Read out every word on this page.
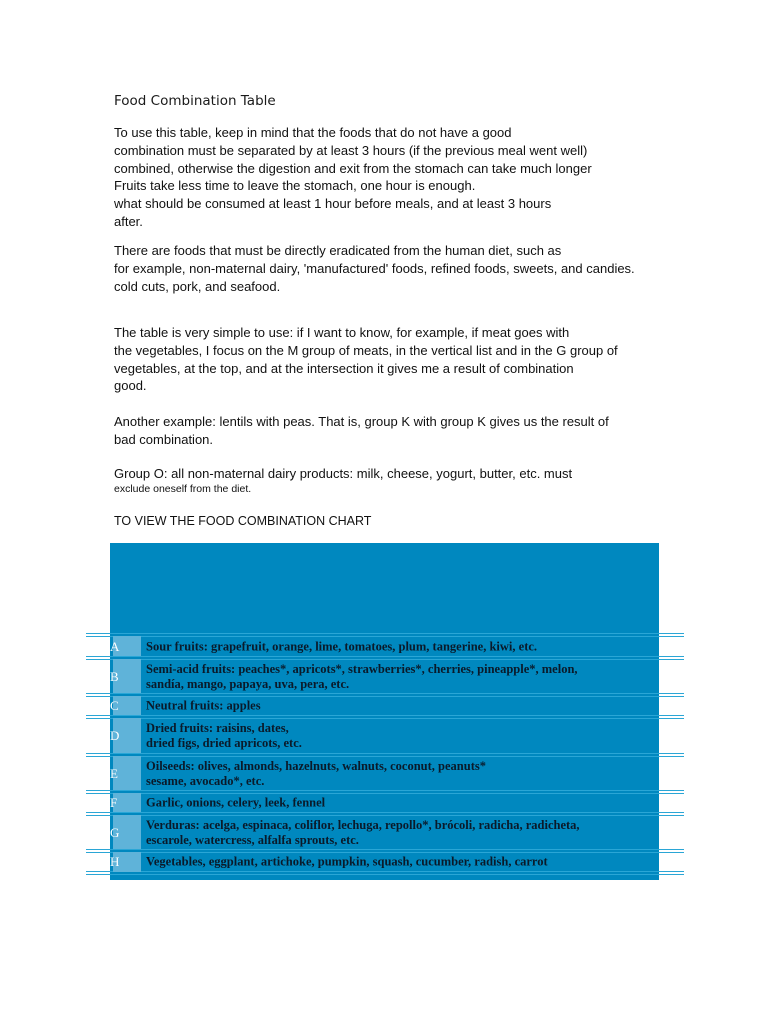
Food Combination Table

To use this table, keep in mind that the foods that do not have a good
combination must be separated by at least 3 hours (if the previous meal went well)
combined, otherwise the digestion and exit from the stomach can take much longer
Fruits take less time to leave the stomach, one hour is enough.
what should be consumed at least 1 hour before meals, and at least 3 hours
after.

There are foods that must be directly eradicated from the human diet, such as
for example, non-maternal dairy, 'manufactured' foods, refined foods, sweets, and candies.
cold cuts, pork, and seafood.

The table is very simple to use: if I want to know, for example, if meat goes with
the vegetables, I focus on the M group of meats, in the vertical list and in the G group of
vegetables, at the top, and at the intersection it gives me a result of combination
good.

Another example: lentils with peas. That is, group K with group K gives us the result of
bad combination.

Group O: all non-maternal dairy products: milk, cheese, yogurt, butter, etc. must
exclude oneself from the diet.

TO VIEW THE FOOD COMBINATION CHART
A Sour fruits: grapefruit, orange, lime, tomatoes, plum, tangerine, kiwi, etc.
B Semi-acid fruits: peaches*, apricots*, strawberries*, cherries, pineapple*, melon,
sandía, mango, papaya, uva, pera, etc.
C Neutral fruits: apples
D Dried fruits: raisins, dates,
dried figs, dried apricots, etc.
E Oilseeds: olives, almonds, hazelnuts, walnuts, coconut, peanuts*
sesame, avocado*, etc.
F Garlic, onions, celery, leek, fennel
G Verduras: acelga, espinaca, coliflor, lechuga, repollo*, brócoli, radicha, radicheta,
escarole, watercress, alfalfa sprouts, etc.
H Vegetables, eggplant, artichoke, pumpkin, squash, cucumber, radish, carrot
